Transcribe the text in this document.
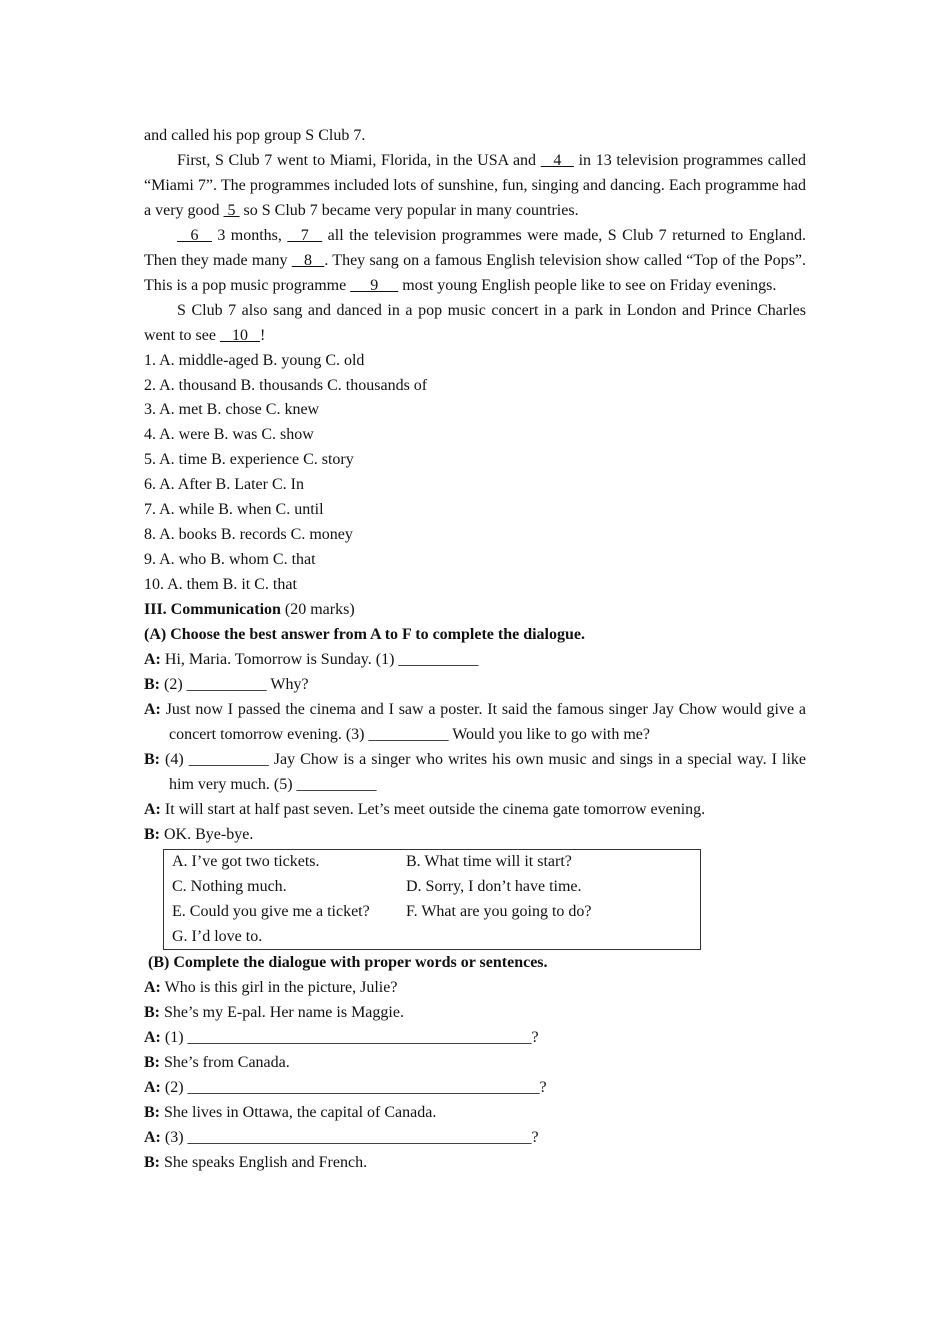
and called his pop group S Club 7.
First, S Club 7 went to Miami, Florida, in the USA and  _4_  in 13 television programmes called “Miami 7”. The programmes included lots of sunshine, fun, singing and dancing. Each programme had a very good  5  so S Club 7 became very popular in many countries.
_6_  3 months,  _7_  all the television programmes were made, S Club 7 returned to England. Then they made many  _8_ . They sang on a famous English television show called “Top of the Pops”. This is a pop music programme  __9__  most young English people like to see on Friday evenings.
S Club 7 also sang and danced in a pop music concert in a park in London and Prince Charles went to see  _10_ !
1. A. middle-aged B. young C. old
2. A. thousand B. thousands C. thousands of
3. A. met B. chose C. knew
4. A. were B. was C. show
5. A. time B. experience C. story
6. A. After B. Later C. In
7. A. while B. when C. until
8. A. books B. records C. money
9. A. who B. whom C. that
10. A. them B. it C. that
III. Communication (20 marks)
(A) Choose the best answer from A to F to complete the dialogue.
A: Hi, Maria. Tomorrow is Sunday. (1) __________
B: (2) __________ Why?
A: Just now I passed the cinema and I saw a poster. It said the famous singer Jay Chow would give a concert tomorrow evening. (3) __________ Would you like to go with me?
B: (4) __________ Jay Chow is a singer who writes his own music and sings in a special way. I like him very much. (5) __________
A: It will start at half past seven. Let’s meet outside the cinema gate tomorrow evening.
B: OK. Bye-bye.
A. I’ve got two tickets.	B. What time will it start?
C. Nothing much.	D. Sorry, I don’t have time.
E. Could you give me a ticket?	F. What are you going to do?
G. I’d love to.
(B) Complete the dialogue with proper words or sentences.
A: Who is this girl in the picture, Julie?
B: She’s my E-pal. Her name is Maggie.
A: (1) ___________________________________________?
B: She’s from Canada.
A: (2) ____________________________________________?
B: She lives in Ottawa, the capital of Canada.
A: (3) ___________________________________________?
B: She speaks English and French.
